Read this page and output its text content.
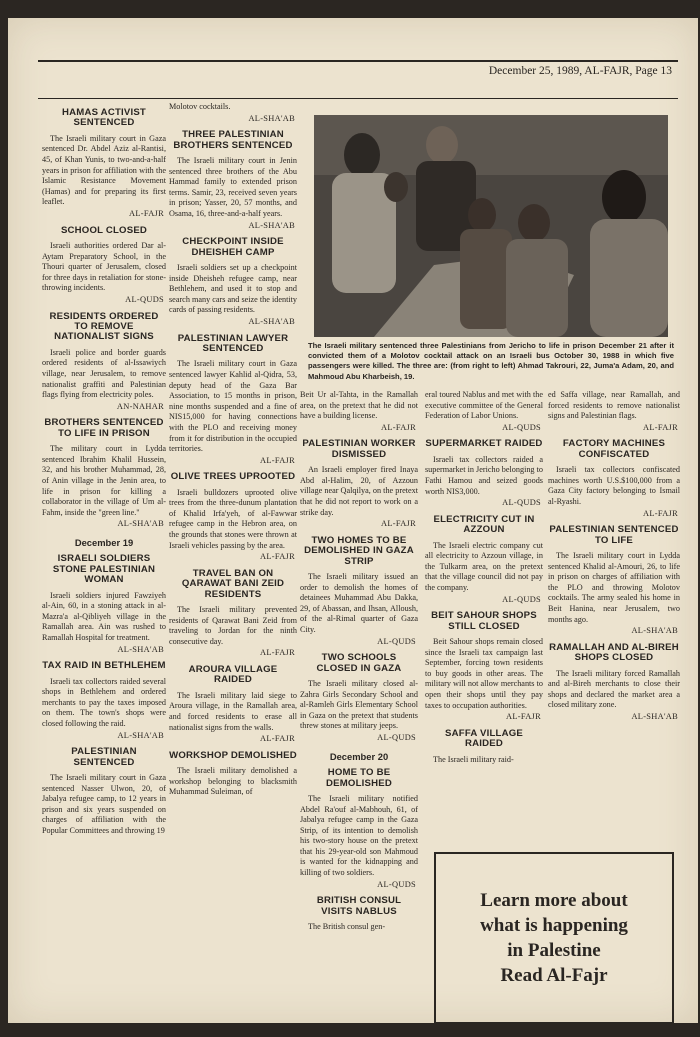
December 25, 1989, AL-FAJR, Page 13
HAMAS ACTIVIST SENTENCED

The Israeli military court in Gaza sentenced Dr. Abdel Aziz al-Rantisi, 45, of Khan Yunis, to two-and-a-half years in prison for affiliation with the Islamic Resistance Movement (Hamas) and for preparing its first leaflet.

AL-FAJR
SCHOOL CLOSED

Israeli authorities ordered Dar al-Aytam Preparatory School, in the Thouri quarter of Jerusalem, closed for three days in retaliation for stone-throwing incidents.

AL-QUDS
RESIDENTS ORDERED TO REMOVE NATIONALIST SIGNS

Israeli police and border guards ordered residents of al-Issawiych village, near Jerusalem, to remove nationalist graffiti and Palestinian flags flying from electricity poles.

AN-NAHAR
BROTHERS SENTENCED TO LIFE IN PRISON

The military court in Lydda sentenced Ibrahim Khalil Hussein, 32, and his brother Muhammad, 28, of Anin village in the Jenin area, to life in prison for killing a collaborator in the village of Um al-Fahm, inside the "green line."

AL-SHA'AB
December 19
ISRAELI SOLDIERS STONE PALESTINIAN WOMAN

Israeli soldiers injured Fawziyeh al-Ain, 60, in a stoning attack in al-Mazra'a al-Qibliyeh village in the Ramallah area. Ain was rushed to Ramallah Hospital for treatment.

AL-SHA'AB
TAX RAID IN BETHLEHEM

Israeli tax collectors raided several shops in Bethlehem and ordered merchants to pay the taxes imposed on them. The town's shops were closed following the raid.

AL-SHA'AB
PALESTINIAN SENTENCED

The Israeli military court in Gaza sentenced Nasser Ulwon, 20, of Jabalya refugee camp, to 12 years in prison and six years suspended on charges of affiliation with the Popular Committees and throwing 19

Molotov cocktails.

AL-SHA'AB
THREE PALESTINIAN BROTHERS SENTENCED

The Israeli military court in Jenin sentenced three brothers of the Abu Hammad family to extended prison terms. Samir, 23, received seven years in prison; Yasser, 20, 57 months, and Osama, 16, three-and-a-half years.

AL-SHA'AB
CHECKPOINT INSIDE DHEISHEH CAMP

Israeli soldiers set up a checkpoint inside Dheisheh refugee camp, near Bethlehem, and used it to stop and search many cars and seize the identity cards of passing residents.

AL-SHA'AB
PALESTINIAN LAWYER SENTENCED

The Israeli military court in Gaza sentenced lawyer Kahlid al-Qidra, 53, deputy head of the Gaza Bar Association, to 15 months in prison, nine months suspended and a fine of NIS15,000 for having connections with the PLO and receiving money from it for distribution in the occupied territories.

AL-FAJR
OLIVE TREES UPROOTED

Israeli bulldozers uprooted olive trees from the three-dunum plantation of Khalid Irfa'yeh, of al-Fawwar refugee camp in the Hebron area, on the grounds that stones were thrown at Israeli vehicles passing by the area.

AL-FAJR
TRAVEL BAN ON QARAWAT BANI ZEID RESIDENTS

The Israeli military prevented residents of Qarawat Bani Zeid from traveling to Jordan for the ninth consecutive day.

AL-FAJR
AROURA VILLAGE RAIDED

The Israeli military laid siege to Aroura village, in the Ramallah area, and forced residents to erase all nationalist signs from the walls.

AL-FAJR
WORKSHOP DEMOLISHED

The Israeli military demolished a workshop belonging to blacksmith Muhammad Suleiman, of

The Israeli military sentenced three Palestinians from Jericho to life in prison December 21 after it convicted them of a Molotov cocktail attack on an Israeli bus October 30, 1988 in which five passengers were killed. The three are: (from right to left) Ahmad Takrouri, 22, Juma'a Adam, 20, and Mahmoud Abu Kharbeish, 19.

Beit Ur al-Tahta, in the Ramallah area, on the pretext that he did not have a building license.

AL-FAJR
PALESTINIAN WORKER DISMISSED

An Israeli employer fired Inaya Abd al-Halim, 20, of Azzoun village near Qalqilya, on the pretext that he did not report to work on a strike day.

AL-FAJR
TWO HOMES TO BE DEMOLISHED IN GAZA STRIP

The Israeli military issued an order to demolish the homes of detainees Muhammad Abu Dakka, 29, of Abassan, and Ihsan, Alloush, of the al-Rimal quarter of Gaza City.

AL-QUDS
TWO SCHOOLS CLOSED IN GAZA

The Israeli military closed al-Zahra Girls Secondary School and al-Ramleh Girls Elementary School in Gaza on the pretext that students threw stones at military jeeps.

AL-QUDS
December 20
HOME TO BE DEMOLISHED

The Israeli military notified Abdel Ra'ouf al-Mabhouh, 61, of Jabalya refugee camp in the Gaza Strip, of its intention to demolish his two-story house on the pretext that his 29-year-old son Mahmoud is wanted for the kidnapping and killing of two soldiers.

AL-QUDS
BRITISH CONSUL VISITS NABLUS

The British consul gen-

eral toured Nablus and met with the executive committee of the General Federation of Labor Unions.

AL-QUDS
SUPERMARKET RAIDED

Israeli tax collectors raided a supermarket in Jericho belonging to Fathi Hamou and seized goods worth NIS3,000.

AL-QUDS
ELECTRICITY CUT IN AZZOUN

The Israeli electric company cut all electricity to Azzoun village, in the Tulkarm area, on the pretext that the village council did not pay the company.

AL-QUDS
BEIT SAHOUR SHOPS STILL CLOSED

Beit Sahour shops remain closed since the Israeli tax campaign last September, forcing town residents to buy goods in other areas. The military will not allow merchants to open their shops until they pay taxes to occupation authorities.

AL-FAJR
SAFFA VILLAGE RAIDED

The Israeli military raid-

ed Saffa village, near Ramallah, and forced residents to remove nationalist signs and Palestinian flags.

AL-FAJR
FACTORY MACHINES CONFISCATED

Israeli tax collectors confiscated machines worth U.S.$100,000 from a Gaza City factory belonging to Ismail al-Ryashi.

AL-FAJR
PALESTINIAN SENTENCED TO LIFE

The Israeli military court in Lydda sentenced Khalid al-Amouri, 26, to life in prison on charges of affiliation with the PLO and throwing Molotov cocktails. The army sealed his home in Beit Hanina, near Jerusalem, two months ago.

AL-SHA'AB
RAMALLAH AND AL-BIREH SHOPS CLOSED

The Israeli military forced Ramallah and al-Bireh merchants to close their shops and declared the market area a closed military zone.

AL-SHA'AB
Learn more about
what is happening
in Palestine
Read Al-Fajr
